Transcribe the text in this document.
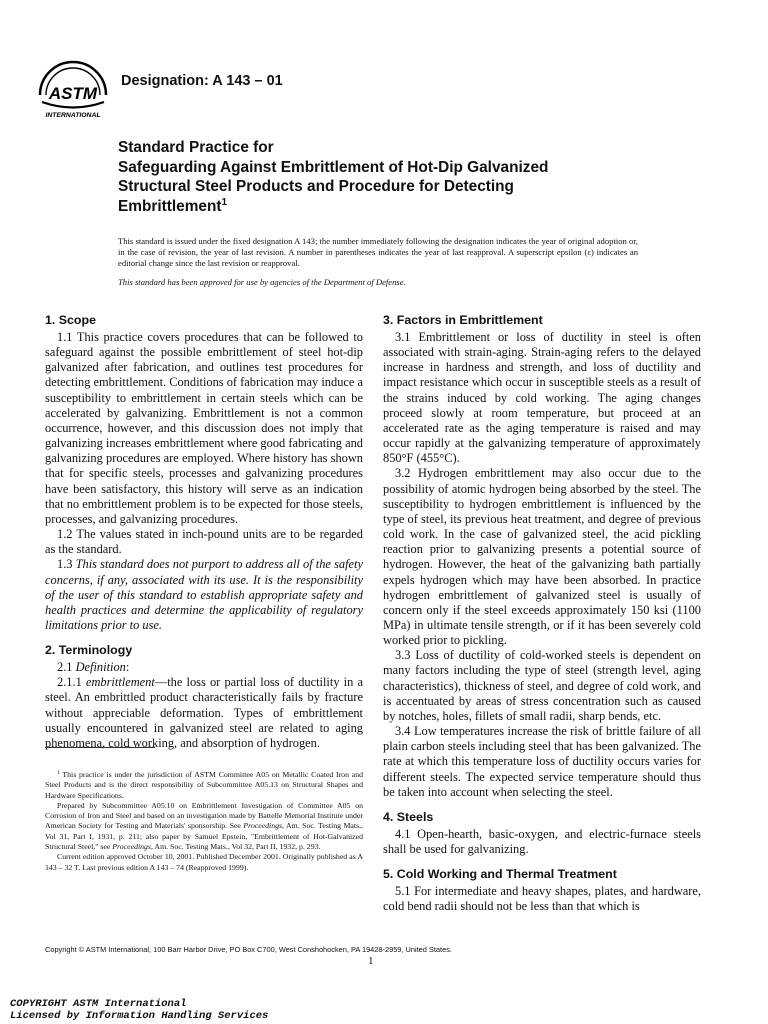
ASTM
INTERNATIONAL
Designation: A 143 – 01
Standard Practice for
Safeguarding Against Embrittlement of Hot-Dip Galvanized
Structural Steel Products and Procedure for Detecting
Embrittlement$^1$
This standard is issued under the fixed designation A 143; the number immediately following the designation indicates the year of original adoption or, in the case of revision, the year of last revision. A number in parentheses indicates the year of last reapproval. A superscript epsilon (ε) indicates an editorial change since the last revision or reapproval.
This standard has been approved for use by agencies of the Department of Defense.
1. Scope

1.1 This practice covers procedures that can be followed to safeguard against the possible embrittlement of steel hot-dip galvanized after fabrication, and outlines test procedures for detecting embrittlement. Conditions of fabrication may induce a susceptibility to embrittlement in certain steels which can be accelerated by galvanizing. Embrittlement is not a common occurrence, however, and this discussion does not imply that galvanizing increases embrittlement where good fabricating and galvanizing procedures are employed. Where history has shown that for specific steels, processes and galvanizing procedures have been satisfactory, this history will serve as an indication that no embrittlement problem is to be expected for those steels, processes, and galvanizing procedures.

1.2 The values stated in inch-pound units are to be regarded as the standard.

1.3 This standard does not purport to address all of the safety concerns, if any, associated with its use. It is the responsibility of the user of this standard to establish appropriate safety and health practices and determine the applicability of regulatory limitations prior to use.

2. Terminology

2.1 Definition:

2.1.1 embrittlement—the loss or partial loss of ductility in a steel. An embrittled product characteristically fails by fracture without appreciable deformation. Types of embrittlement usually encountered in galvanized steel are related to aging phenomena, cold working, and absorption of hydrogen.

$^1$ This practice is under the jurisdiction of ASTM Committee A05 on Metallic Coated Iron and Steel Products and is the direct responsibility of Subcommittee A05.13 on Structural Shapes and Hardware Specifications.

Prepared by Subcommittee A05.10 on Embrittlement Investigation of Committee A05 on Corrosion of Iron and Steel and based on an investigation made by Battelle Memorial Institute under American Society for Testing and Materials' sponsorship. See Proceedings, Am. Soc. Testing Mats., Vol 31, Part I, 1931, p. 211; also paper by Samuel Epstein, "Embrittlement of Hot-Galvanized Structural Steel," see Proceedings, Am. Soc. Testing Mats., Vol 32, Part II, 1932, p. 293.

Current edition approved October 10, 2001. Published December 2001. Originally published as A 143 – 32 T. Last previous edition A 143 – 74 (Reapproved 1999).

3. Factors in Embrittlement

3.1 Embrittlement or loss of ductility in steel is often associated with strain-aging. Strain-aging refers to the delayed increase in hardness and strength, and loss of ductility and impact resistance which occur in susceptible steels as a result of the strains induced by cold working. The aging changes proceed slowly at room temperature, but proceed at an accelerated rate as the aging temperature is raised and may occur rapidly at the galvanizing temperature of approximately 850°F (455°C).

3.2 Hydrogen embrittlement may also occur due to the possibility of atomic hydrogen being absorbed by the steel. The susceptibility to hydrogen embrittlement is influenced by the type of steel, its previous heat treatment, and degree of previous cold work. In the case of galvanized steel, the acid pickling reaction prior to galvanizing presents a potential source of hydrogen. However, the heat of the galvanizing bath partially expels hydrogen which may have been absorbed. In practice hydrogen embrittlement of galvanized steel is usually of concern only if the steel exceeds approximately 150 ksi (1100 MPa) in ultimate tensile strength, or if it has been severely cold worked prior to pickling.

3.3 Loss of ductility of cold-worked steels is dependent on many factors including the type of steel (strength level, aging characteristics), thickness of steel, and degree of cold work, and is accentuated by areas of stress concentration such as caused by notches, holes, fillets of small radii, sharp bends, etc.

3.4 Low temperatures increase the risk of brittle failure of all plain carbon steels including steel that has been galvanized. The rate at which this temperature loss of ductility occurs varies for different steels. The expected service temperature should thus be taken into account when selecting the steel.

4. Steels

4.1 Open-hearth, basic-oxygen, and electric-furnace steels shall be used for galvanizing.

5. Cold Working and Thermal Treatment

5.1 For intermediate and heavy shapes, plates, and hardware, cold bend radii should not be less than that which is

Copyright © ASTM International, 100 Barr Harbor Drive, PO Box C700, West Conshohocken, PA 19428-2959, United States.
1
COPYRIGHT ASTM International
Licensed by Information Handling Services
